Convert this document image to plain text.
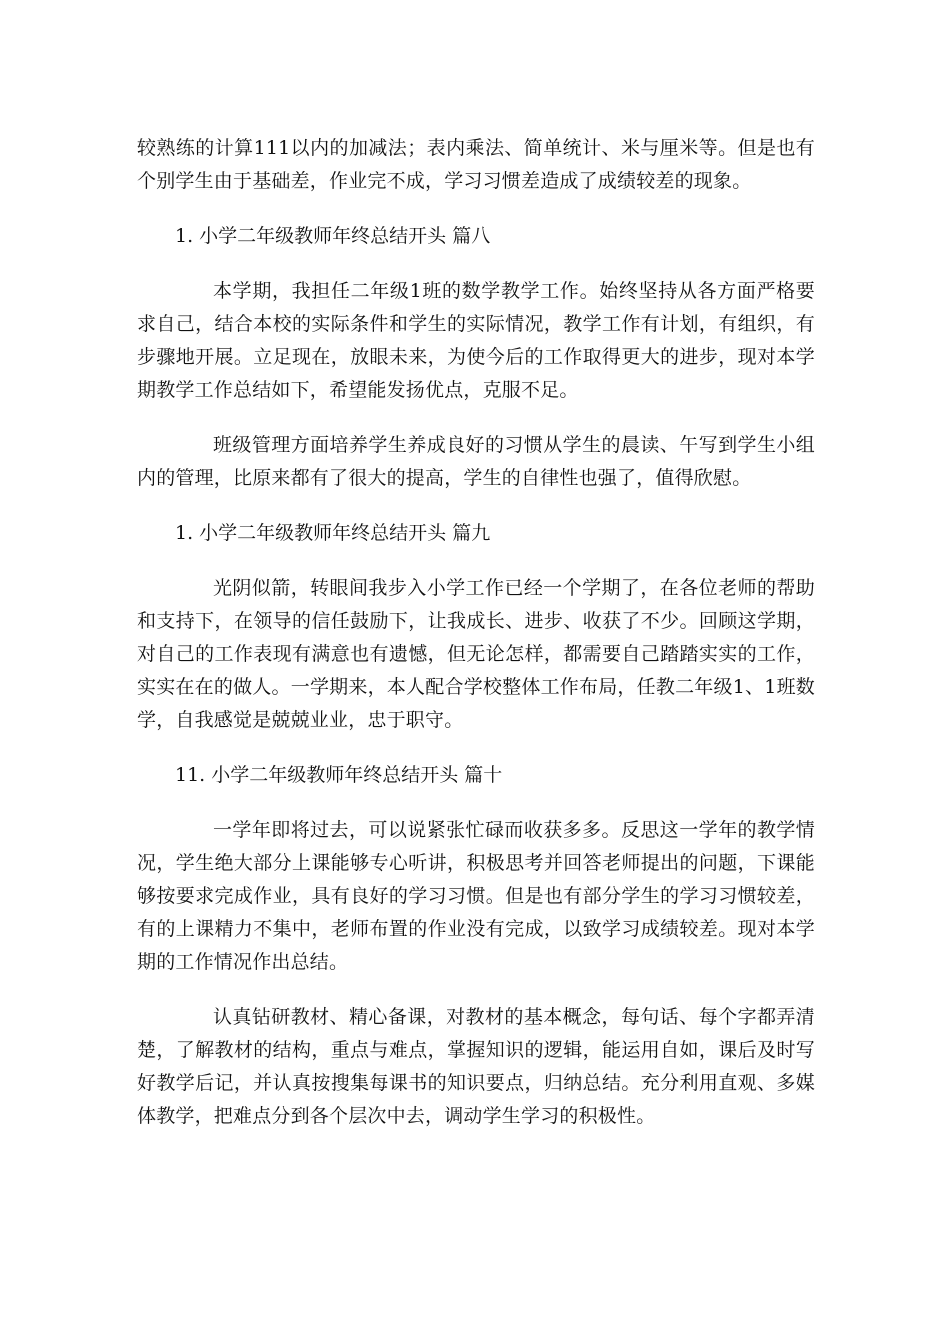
较熟练的计算111以内的加减法；表内乘法、简单统计、米与厘米等。但是也有个别学生由于基础差，作业完不成，学习习惯差造成了成绩较差的现象。

1. 小学二年级教师年终总结开头 篇八

本学期，我担任二年级1班的数学教学工作。始终坚持从各方面严格要求自己，结合本校的实际条件和学生的实际情况，教学工作有计划，有组织，有步骤地开展。立足现在，放眼未来，为使今后的工作取得更大的进步，现对本学期教学工作总结如下，希望能发扬优点，克服不足。

班级管理方面培养学生养成良好的习惯从学生的晨读、午写到学生小组内的管理，比原来都有了很大的提高，学生的自律性也强了，值得欣慰。

1. 小学二年级教师年终总结开头 篇九

光阴似箭，转眼间我步入小学工作已经一个学期了，在各位老师的帮助和支持下，在领导的信任鼓励下，让我成长、进步、收获了不少。回顾这学期，对自己的工作表现有满意也有遗憾，但无论怎样，都需要自己踏踏实实的工作，实实在在的做人。一学期来，本人配合学校整体工作布局，任教二年级1、1班数学，自我感觉是兢兢业业，忠于职守。

11. 小学二年级教师年终总结开头 篇十

一学年即将过去，可以说紧张忙碌而收获多多。反思这一学年的教学情况，学生绝大部分上课能够专心听讲，积极思考并回答老师提出的问题，下课能够按要求完成作业，具有良好的学习习惯。但是也有部分学生的学习习惯较差，有的上课精力不集中，老师布置的作业没有完成，以致学习成绩较差。现对本学期的工作情况作出总结。

认真钻研教材、精心备课，对教材的基本概念，每句话、每个字都弄清楚，了解教材的结构，重点与难点，掌握知识的逻辑，能运用自如，课后及时写好教学后记，并认真按搜集每课书的知识要点，归纳总结。充分利用直观、多媒体教学，把难点分到各个层次中去，调动学生学习的积极性。
